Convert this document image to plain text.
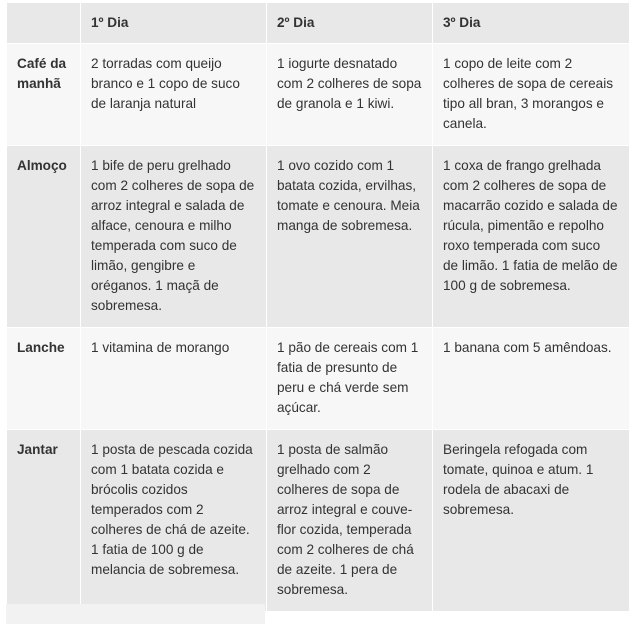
	1º Dia	2º Dia	3º Dia
Café da manhã	2 torradas com queijo branco e 1 copo de suco de laranja natural	1 iogurte desnatado com 2 colheres de sopa de granola e 1 kiwi.	1 copo de leite com 2 colheres de sopa de cereais tipo all bran, 3 morangos e canela.
Almoço	1 bife de peru grelhado com 2 colheres de sopa de arroz integral e salada de alface, cenoura e milho temperada com suco de limão, gengibre e oréganos. 1 maçã de sobremesa.	1 ovo cozido com 1 batata cozida, ervilhas, tomate e cenoura. Meia manga de sobremesa.	1 coxa de frango grelhada com 2 colheres de sopa de macarrão cozido e salada de rúcula, pimentão e repolho roxo temperada com suco de limão. 1 fatia de melão de 100 g de sobremesa.
Lanche	1 vitamina de morango	1 pão de cereais com 1 fatia de presunto de peru e chá verde sem açúcar.	1 banana com 5 amêndoas.
Jantar	1 posta de pescada cozida com 1 batata cozida e brócolis cozidos temperados com 2 colheres de chá de azeite. 1 fatia de 100 g de melancia de sobremesa.	1 posta de salmão grelhado com 2 colheres de sopa de arroz integral e couve-flor cozida, temperada com 2 colheres de chá de azeite. 1 pera de sobremesa.	Beringela refogada com tomate, quinoa e atum. 1 rodela de abacaxi de sobremesa.
